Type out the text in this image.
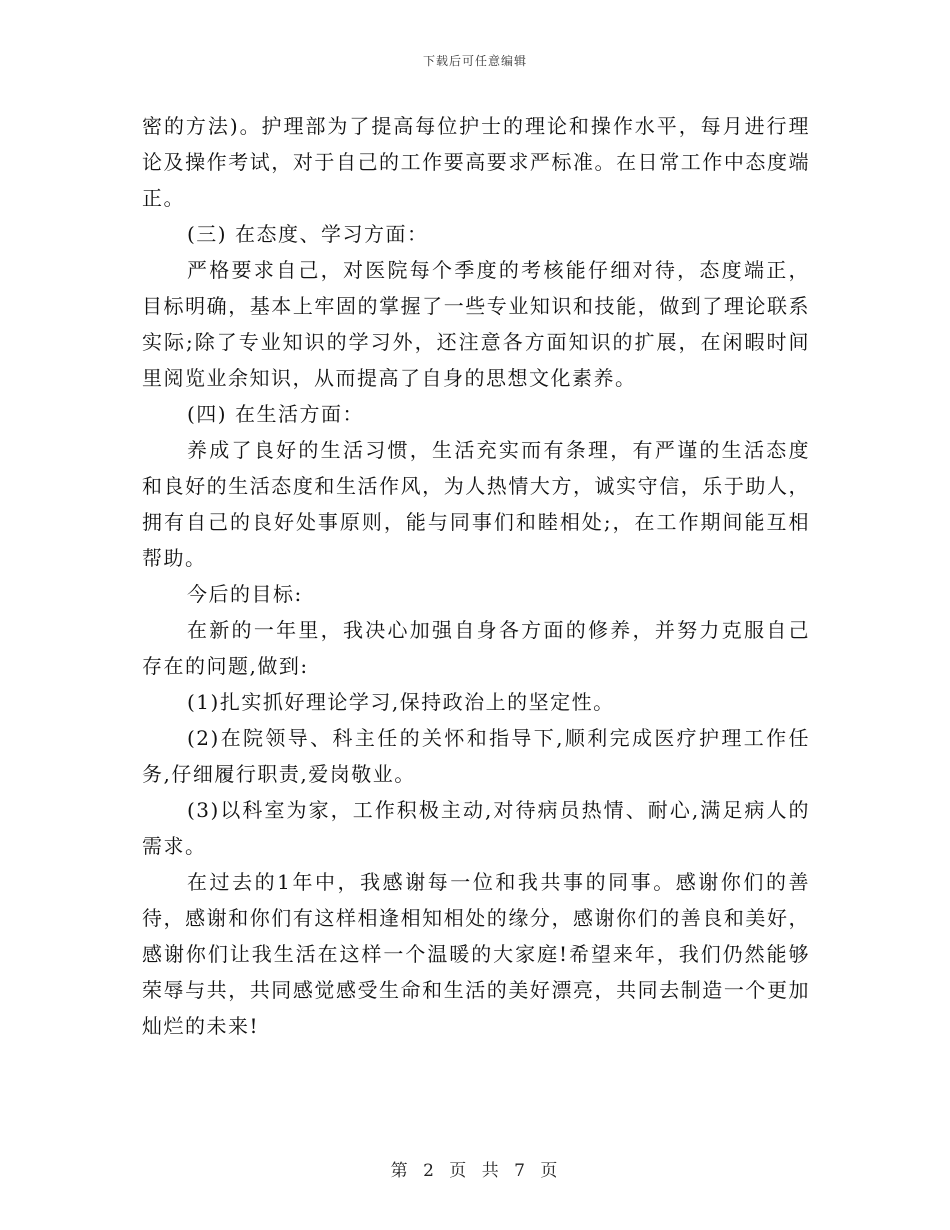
下载后可任意编辑

密的方法)。护理部为了提高每位护士的理论和操作水平，每月进行理论及操作考试，对于自己的工作要高要求严标准。在日常工作中态度端正。

(三) 在态度、学习方面：

严格要求自己，对医院每个季度的考核能仔细对待，态度端正，目标明确，基本上牢固的掌握了一些专业知识和技能，做到了理论联系实际;除了专业知识的学习外，还注意各方面知识的扩展，在闲暇时间里阅览业余知识，从而提高了自身的思想文化素养。

(四) 在生活方面：

养成了良好的生活习惯，生活充实而有条理，有严谨的生活态度和良好的生活态度和生活作风，为人热情大方，诚实守信，乐于助人，拥有自己的良好处事原则，能与同事们和睦相处;，在工作期间能互相帮助。

今后的目标:

在新的一年里，我决心加强自身各方面的修养，并努力克服自己存在的问题,做到:

(1)扎实抓好理论学习,保持政治上的坚定性。

(2)在院领导、科主任的关怀和指导下,顺利完成医疗护理工作任务,仔细履行职责,爱岗敬业。

(3)以科室为家，工作积极主动,对待病员热情、耐心,满足病人的需求。

在过去的1年中，我感谢每一位和我共事的同事。感谢你们的善待，感谢和你们有这样相逢相知相处的缘分，感谢你们的善良和美好，感谢你们让我生活在这样一个温暖的大家庭!希望来年，我们仍然能够荣辱与共，共同感觉感受生命和生活的美好漂亮，共同去制造一个更加灿烂的未来!

第 2 页 共 7 页
